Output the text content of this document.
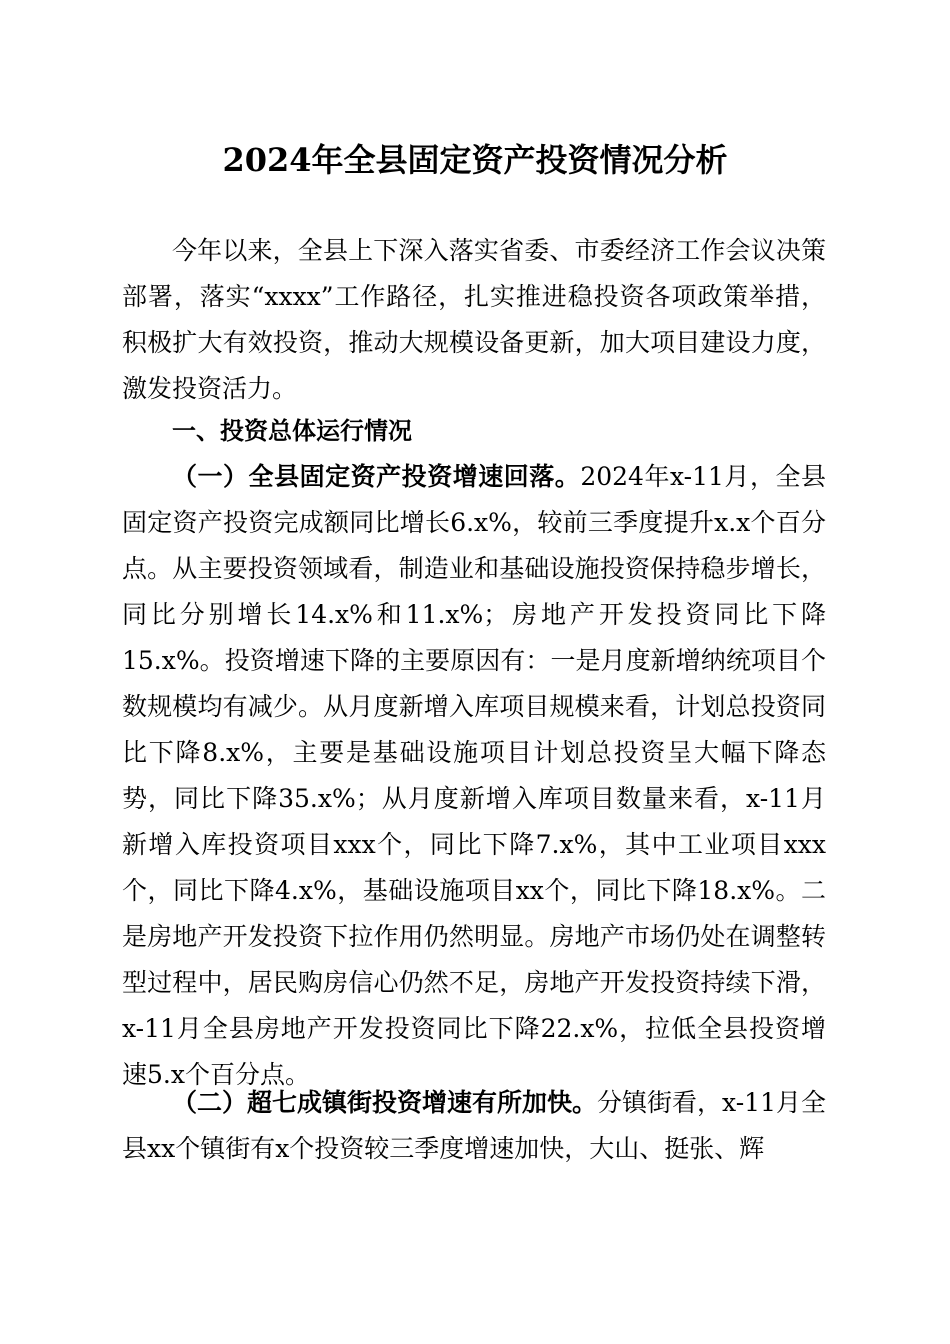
2024年全县固定资产投资情况分析

今年以来，全县上下深入落实省委、市委经济工作会议决策部署，落实“xxxx”工作路径，扎实推进稳投资各项政策举措，积极扩大有效投资，推动大规模设备更新，加大项目建设力度，激发投资活力。

一、投资总体运行情况

（一）全县固定资产投资增速回落。2024年x-11月，全县固定资产投资完成额同比增长6.x%，较前三季度提升x.x个百分点。从主要投资领域看，制造业和基础设施投资保持稳步增长，同比分别增长14.x%和11.x%；房地产开发投资同比下降15.x%。投资增速下降的主要原因有：一是月度新增纳统项目个数规模均有减少。从月度新增入库项目规模来看，计划总投资同比下降8.x%，主要是基础设施项目计划总投资呈大幅下降态势，同比下降35.x%；从月度新增入库项目数量来看，x-11月新增入库投资项目xxx个，同比下降7.x%，其中工业项目xxx个，同比下降4.x%，基础设施项目xx个，同比下降18.x%。二是房地产开发投资下拉作用仍然明显。房地产市场仍处在调整转型过程中，居民购房信心仍然不足，房地产开发投资持续下滑，x-11月全县房地产开发投资同比下降22.x%，拉低全县投资增速5.x个百分点。

（二）超七成镇街投资增速有所加快。分镇街看，x-11月全县xx个镇街有x个投资较三季度增速加快，大山、挺张、辉
